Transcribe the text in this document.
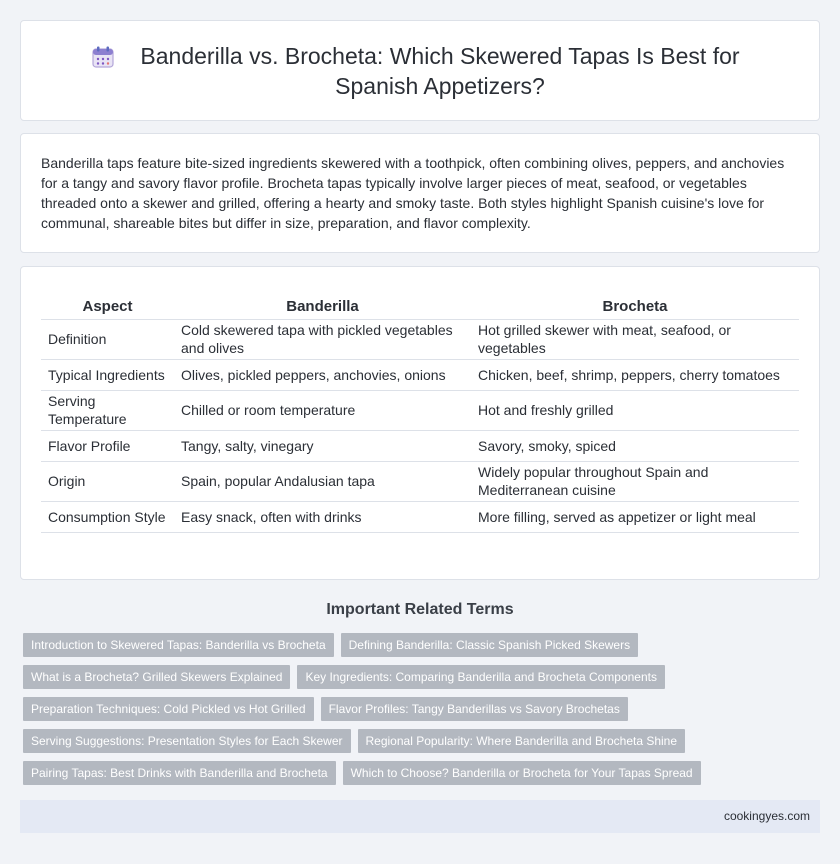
Banderilla vs. Brocheta: Which Skewered Tapas Is Best for Spanish Appetizers?

Banderilla taps feature bite-sized ingredients skewered with a toothpick, often combining olives, peppers, and anchovies for a tangy and savory flavor profile. Brocheta tapas typically involve larger pieces of meat, seafood, or vegetables threaded onto a skewer and grilled, offering a hearty and smoky taste. Both styles highlight Spanish cuisine's love for communal, shareable bites but differ in size, preparation, and flavor complexity.

Aspect	Banderilla	Brocheta
Definition	Cold skewered tapa with pickled vegetables and olives	Hot grilled skewer with meat, seafood, or vegetables
Typical Ingredients	Olives, pickled peppers, anchovies, onions	Chicken, beef, shrimp, peppers, cherry tomatoes
Serving Temperature	Chilled or room temperature	Hot and freshly grilled
Flavor Profile	Tangy, salty, vinegary	Savory, smoky, spiced
Origin	Spain, popular Andalusian tapa	Widely popular throughout Spain and Mediterranean cuisine
Consumption Style	Easy snack, often with drinks	More filling, served as appetizer or light meal
Important Related Terms
Introduction to Skewered Tapas: Banderilla vs Brocheta	Defining Banderilla: Classic Spanish Picked Skewers
What is a Brocheta? Grilled Skewers Explained	Key Ingredients: Comparing Banderilla and Brocheta Components
Preparation Techniques: Cold Pickled vs Hot Grilled	Flavor Profiles: Tangy Banderillas vs Savory Brochetas
Serving Suggestions: Presentation Styles for Each Skewer	Regional Popularity: Where Banderilla and Brocheta Shine
Pairing Tapas: Best Drinks with Banderilla and Brocheta	Which to Choose? Banderilla or Brocheta for Your Tapas Spread
cookingyes.com
